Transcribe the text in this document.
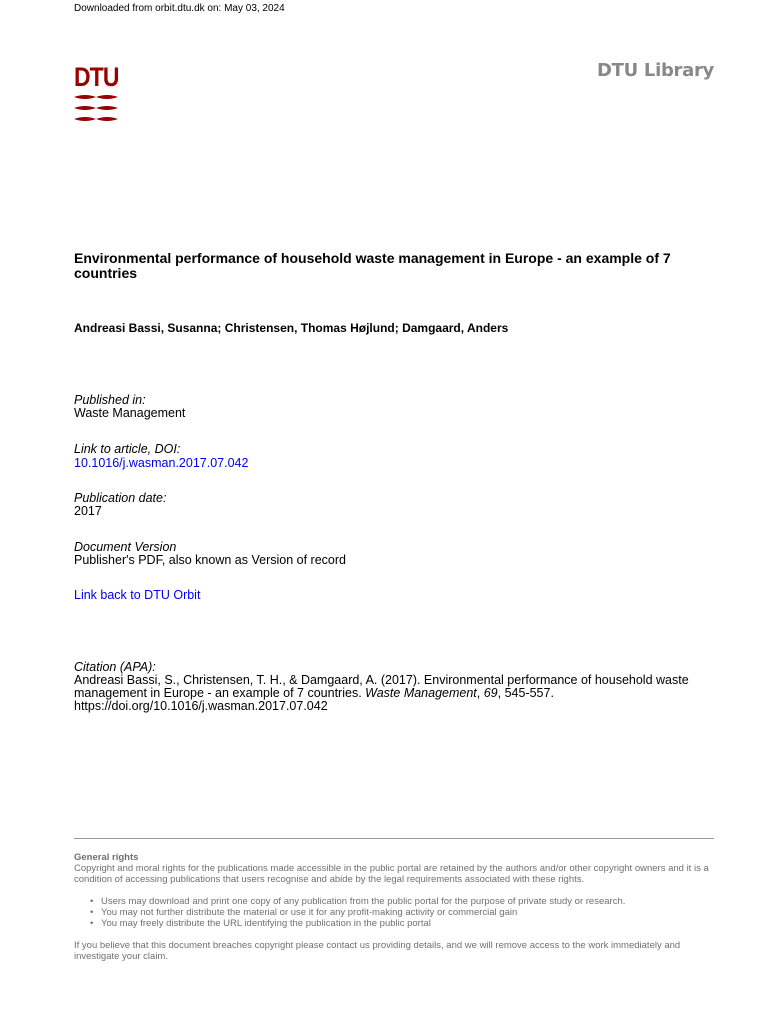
Downloaded from orbit.dtu.dk on: May 03, 2024
DTU	DTU Library
Environmental performance of household waste management in Europe - an example of 7 countries
Andreasi Bassi, Susanna; Christensen, Thomas Højlund; Damgaard, Anders
Published in:
Waste Management
Link to article, DOI:
10.1016/j.wasman.2017.07.042
Publication date:
2017
Document Version
Publisher's PDF, also known as Version of record
Link back to DTU Orbit
Citation (APA):
Andreasi Bassi, S., Christensen, T. H., & Damgaard, A. (2017). Environmental performance of household waste management in Europe - an example of 7 countries. Waste Management, 69, 545-557.
https://doi.org/10.1016/j.wasman.2017.07.042
General rights
Copyright and moral rights for the publications made accessible in the public portal are retained by the authors and/or other copyright owners and it is a condition of accessing publications that users recognise and abide by the legal requirements associated with these rights.
• Users may download and print one copy of any publication from the public portal for the purpose of private study or research.
• You may not further distribute the material or use it for any profit-making activity or commercial gain
• You may freely distribute the URL identifying the publication in the public portal
If you believe that this document breaches copyright please contact us providing details, and we will remove access to the work immediately and investigate your claim.
